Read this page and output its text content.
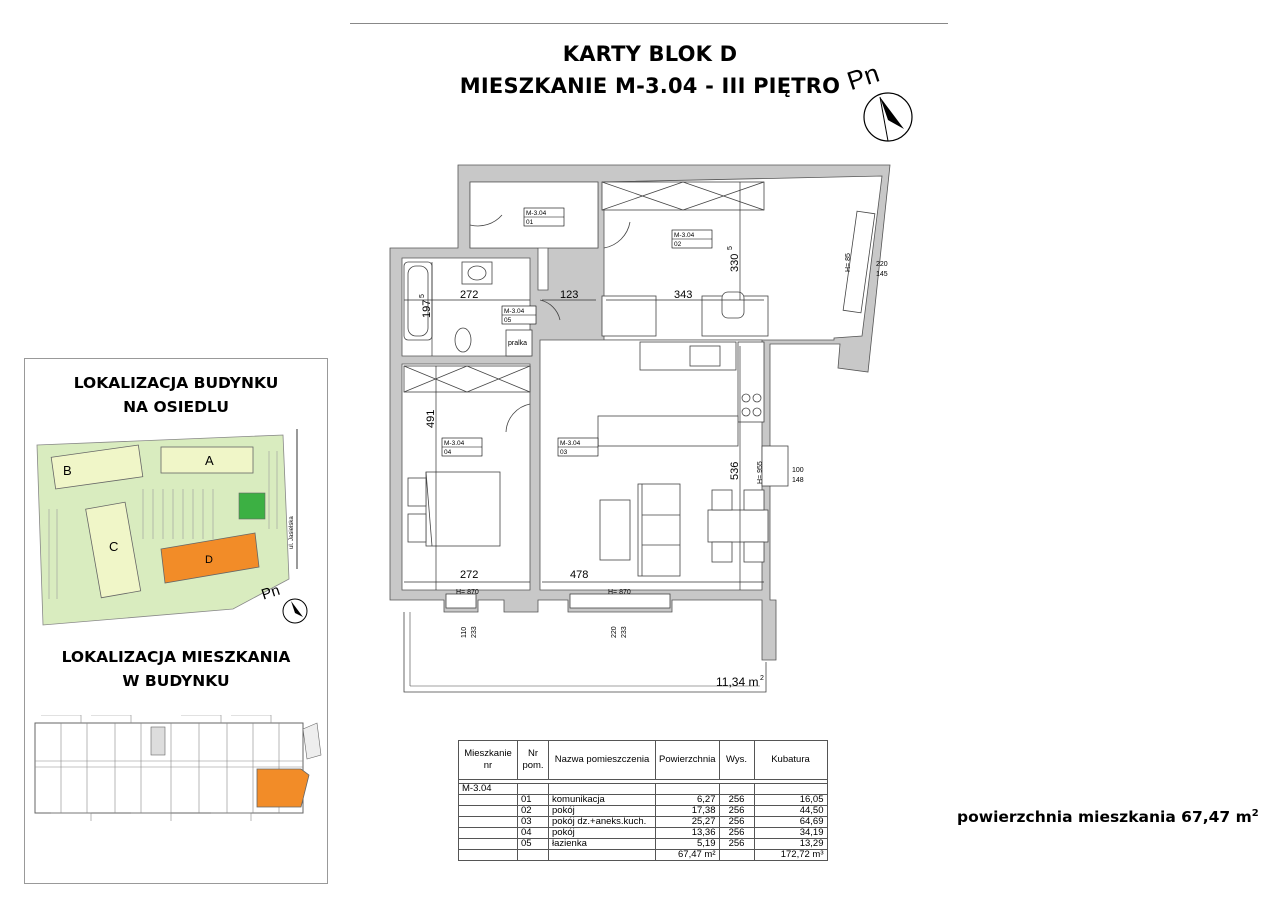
KARTY BLOK D
MIESZKANIE M-3.04 - III PIĘTRO Pn
272	123	343
330
5
197
5
491
536
272	478
H= 85	220
145
H= 955	100
148
H= 870
110 233
H= 870
220 233
M-3.04
01
M-3.04
02
M-3.04
05
M-3.04
04
M-3.04
03
pralka
11,34 m 2
LOKALIZACJA BUDYNKU
NA OSIEDLU
B
A
C
D
ul. Jasielska
Pn
LOKALIZACJA MIESZKANIA
W BUDYNKU
Mieszkanie nr	Nr pom.	Nazwa pomieszczenia	Powierzchnia	Wys.	Kubatura

M-3.04					
	01	komunikacja	6,27	256	16,05
	02	pokój	17,38	256	44,50
	03	pokój dz.+aneks.kuch.	25,27	256	64,69
	04	pokój	13,36	256	34,19
	05	łazienka	5,19	256	13,29
			67,47 m²		172,72 m³
powierzchnia mieszkania 67,47 $m^2$
